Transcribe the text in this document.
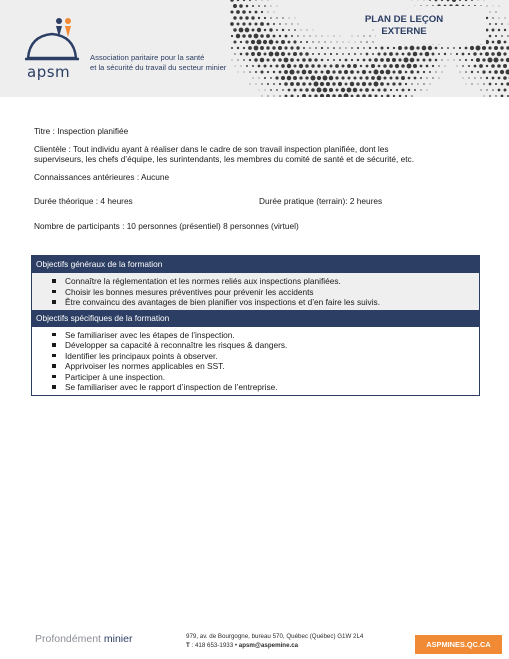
apsm
Association paritaire pour la santé
et la sécurité du travail du secteur minier
PLAN DE LEÇON
EXTERNE
Titre : Inspection planifiée
Clientèle : Tout individu ayant à réaliser dans le cadre de son travail inspection planifiée, dont les
superviseurs, les chefs d’équipe, les surintendants, les membres du comité de santé et de sécurité, etc.
Connaissances antérieures : Aucune
Durée théorique : 4 heures	Durée pratique (terrain): 2 heures
Nombre de participants : 10 personnes (présentiel) 8 personnes (virtuel)
Objectifs généraux de la formation
Connaître la réglementation et les normes reliés aux inspections planifiées.
Choisir les bonnes mesures préventives pour prévenir les accidents
Être convaincu des avantages de bien planifier vos inspections et d’en faire les suivis.
Objectifs spécifiques de la formation
Se familiariser avec les étapes de l’inspection.
Développer sa capacité à reconnaître les risques & dangers.
Identifier les principaux points à observer.
Apprivoiser les normes applicables en SST.
Participer à une inspection.
Se familiariser avec le rapport d’inspection de l’entreprise.
Profondément minier	979, av. de Bourgogne, bureau 570, Québec (Québec) G1W 2L4
T : 418 653-1933 • apsm@aspemine.ca	ASPMINES.QC.CA
